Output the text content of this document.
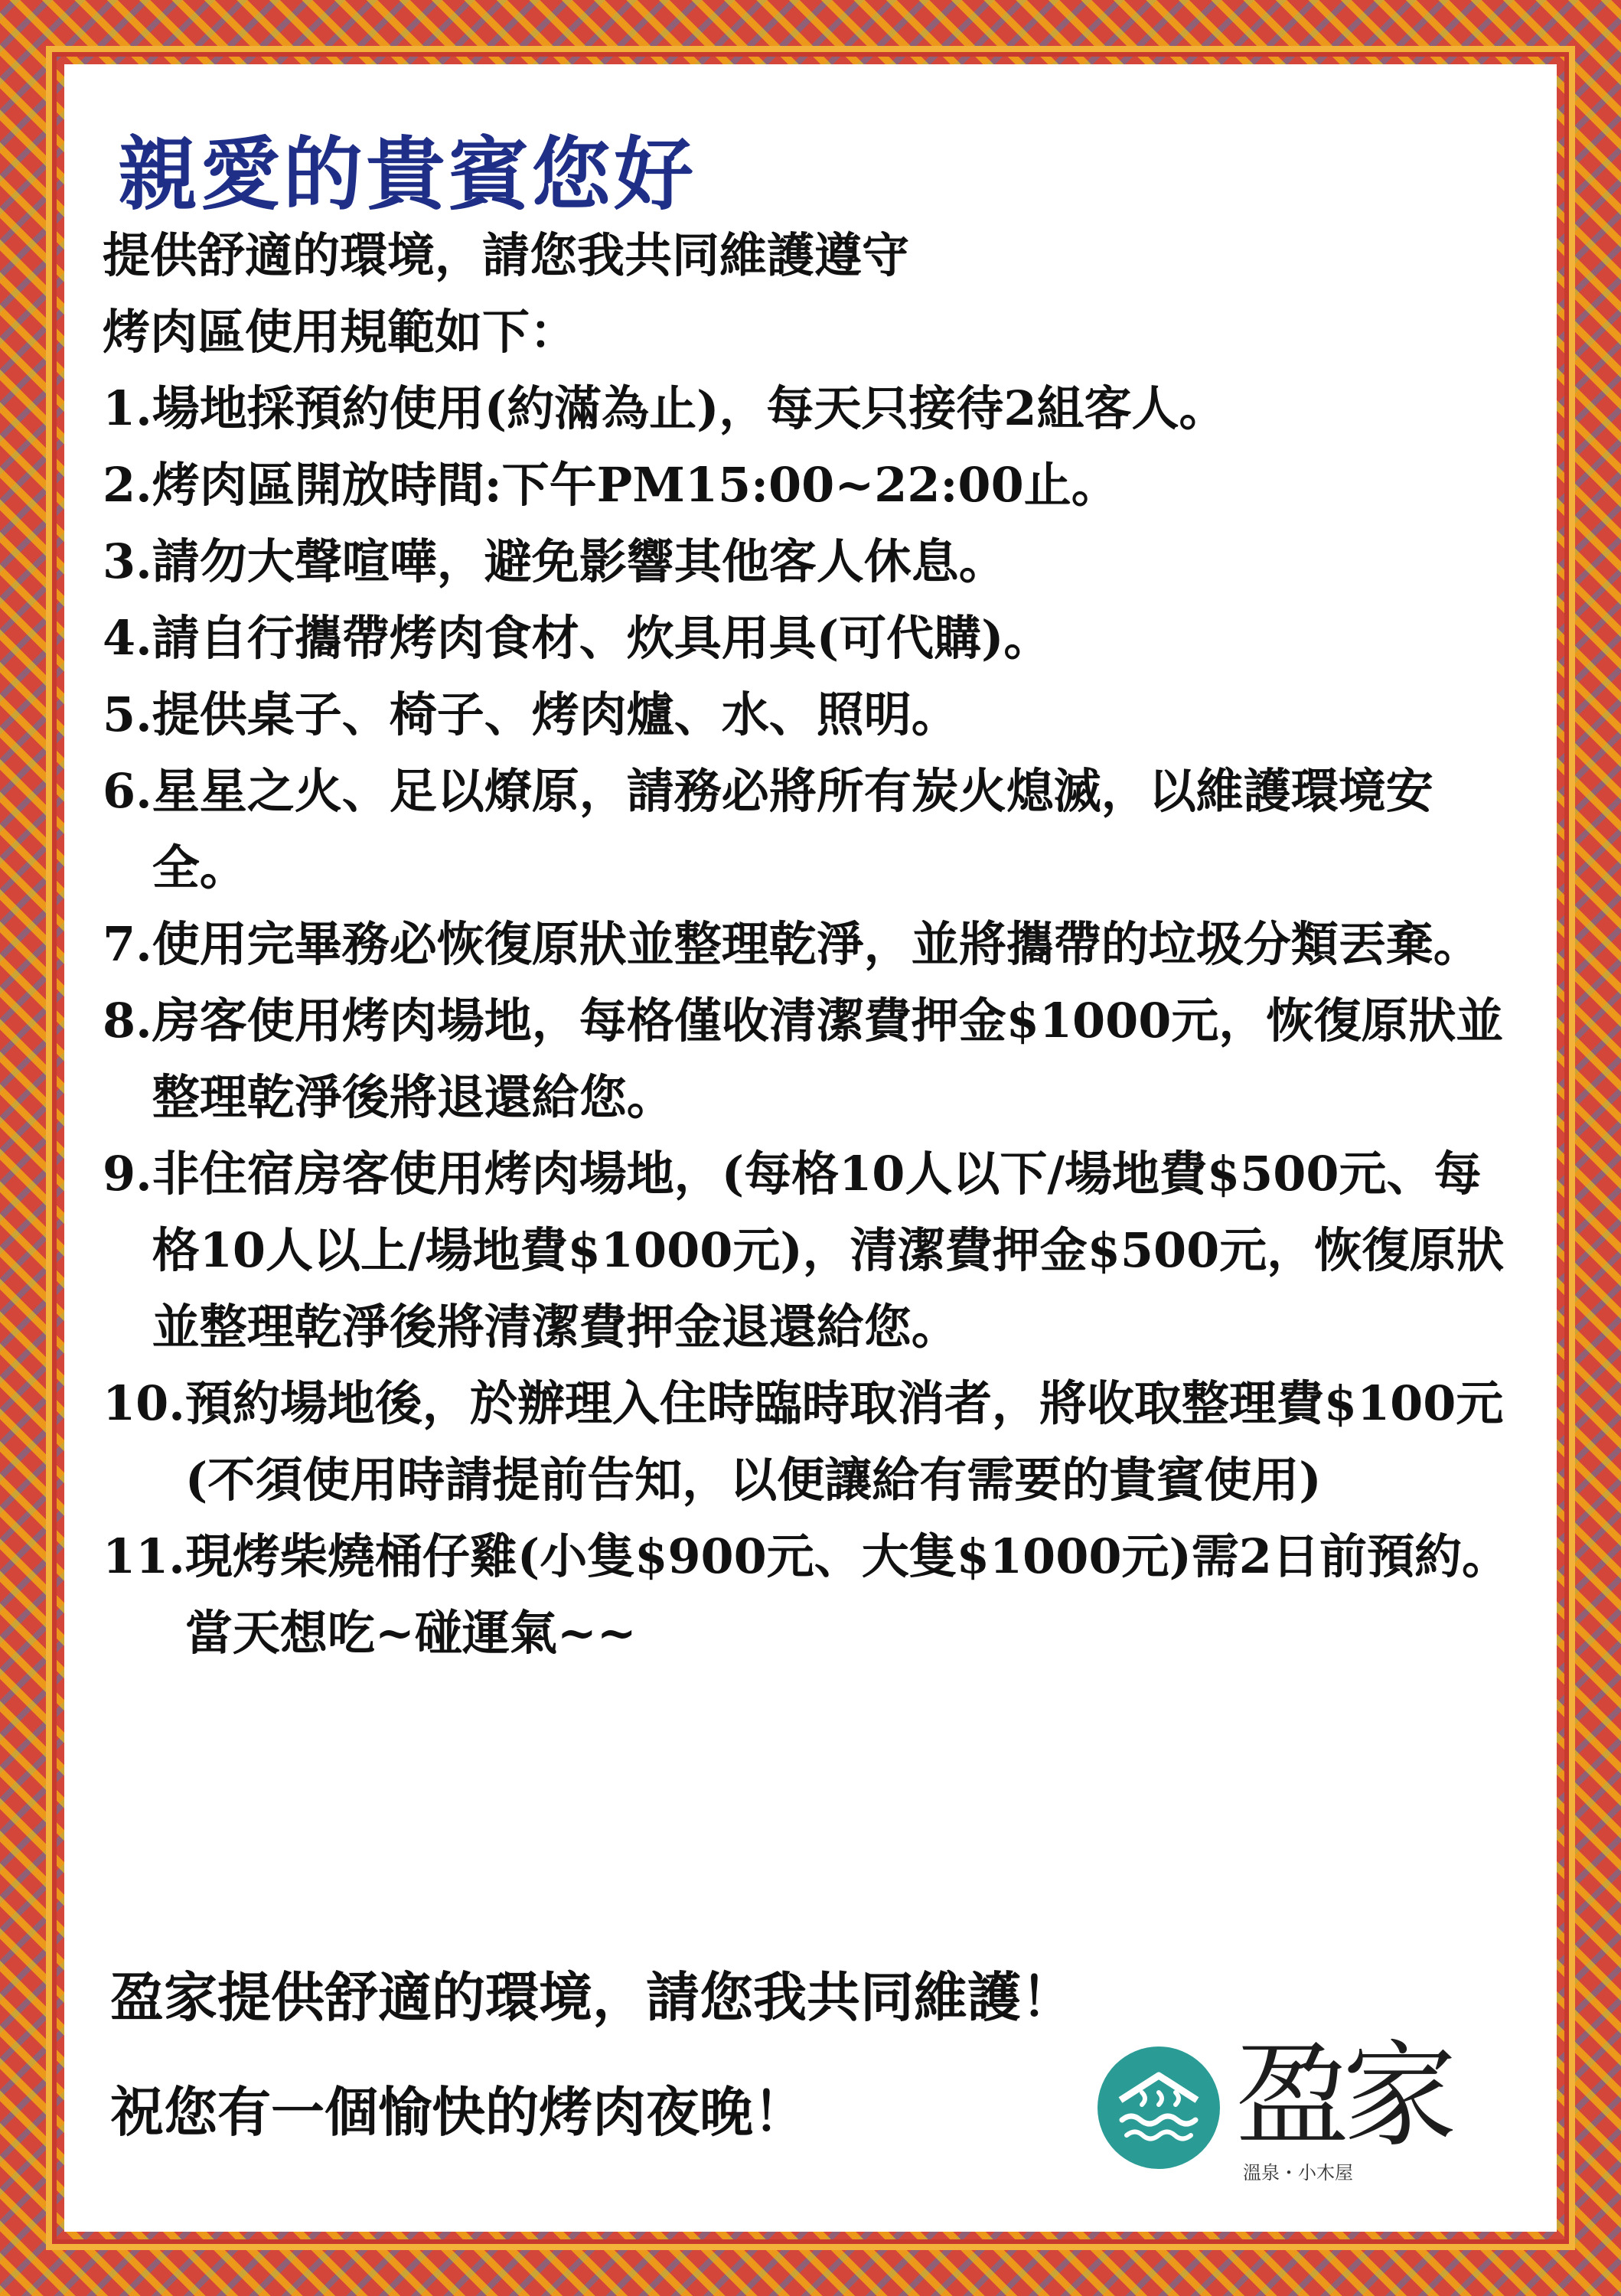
親愛的貴賓您好
提供舒適的環境，請您我共同維護遵守
烤肉區使用規範如下：
1. 場地採預約使用(約滿為止)，每天只接待2組客人。
2. 烤肉區開放時間:下午PM15:00~22:00止。
3. 請勿大聲喧嘩，避免影響其他客人休息。
4. 請自行攜帶烤肉食材、炊具用具(可代購)。
5. 提供桌子、椅子、烤肉爐、水、照明。
6. 星星之火、足以燎原，請務必將所有炭火熄滅，以維護環境安全。
7. 使用完畢務必恢復原狀並整理乾淨，並將攜帶的垃圾分類丟棄。
8. 房客使用烤肉場地，每格僅收清潔費押金$1000元，恢復原狀並整理乾淨後將退還給您。
9. 非住宿房客使用烤肉場地，(每格10人以下/場地費$500元、每格10人以上/場地費$1000元)，清潔費押金$500元，恢復原狀並整理乾淨後將清潔費押金退還給您。
10. 預約場地後，於辦理入住時臨時取消者，將收取整理費$100元(不須使用時請提前告知，以便讓給有需要的貴賓使用)
11. 現烤柴燒桶仔雞(小隻$900元、大隻$1000元)需2日前預約。當天想吃~碰運氣~~
盈家提供舒適的環境，請您我共同維護！
祝您有一個愉快的烤肉夜晚！	盈
家
溫泉・小木屋
